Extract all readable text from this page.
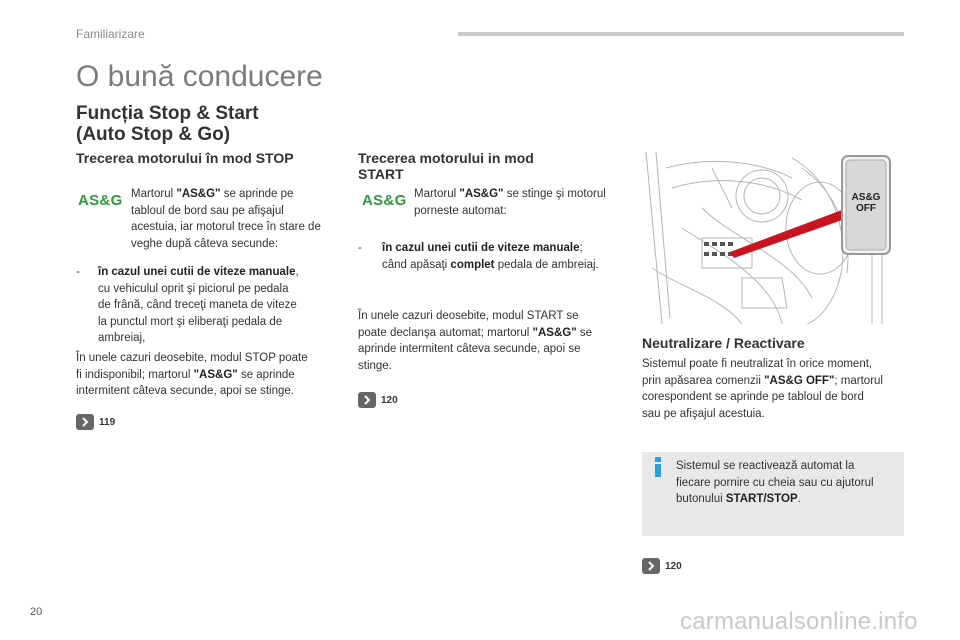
Familiarizare
O bună conducere
Funcția Stop & Start
(Auto Stop & Go)
Trecerea motorului în mod STOP
AS&G Martorul "AS&G" se aprinde pe
tabloul de bord sau pe afişajul
acestuia, iar motorul trece în stare de
veghe după câteva secunde:
- în cazul unei cutii de viteze manuale,
cu vehiculul oprit şi piciorul pe pedala
de frână, când treceţi maneta de viteze
la punctul mort şi eliberaţi pedala de
ambreiaj,
În unele cazuri deosebite, modul STOP poate
fi indisponibil; martorul "AS&G" se aprinde
intermitent câteva secunde, apoi se stinge.
119
Trecerea motorului in mod
START
AS&G Martorul "AS&G" se stinge şi motorul
porneste automat:
- în cazul unei cutii de viteze manuale;
când apăsaţi complet pedala de ambreiaj.
În unele cazuri deosebite, modul START se
poate declanşa automat; martorul "AS&G" se
aprinde intermitent câteva secunde, apoi se
stinge.
120
AS&G
OFF
Neutralizare / Reactivare
Sistemul poate fi neutralizat în orice moment,
prin apăsarea comenzii "AS&G OFF"; martorul
corespondent se aprinde pe tabloul de bord
sau pe afişajul acestuia.
Sistemul se reactivează automat la
fiecare pornire cu cheia sau cu ajutorul
butonului START/STOP.
120
20	carmanualsonline.info
